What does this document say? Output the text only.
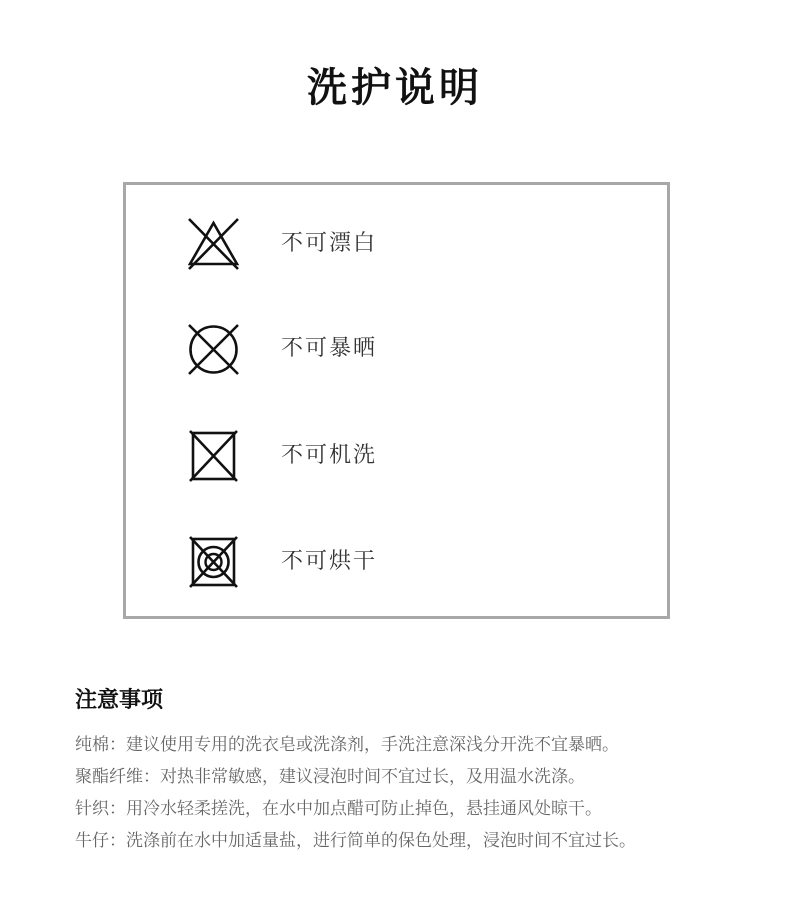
洗护说明
不可漂白
不可暴晒
不可机洗
不可烘干
注意事项
纯棉：建议使用专用的洗衣皂或洗涤剂，手洗注意深浅分开洗不宜暴晒。
聚酯纤维：对热非常敏感，建议浸泡时间不宜过长，及用温水洗涤。
针织：用冷水轻柔搓洗，在水中加点醋可防止掉色，悬挂通风处晾干。
牛仔：洗涤前在水中加适量盐，进行简单的保色处理，浸泡时间不宜过长。
